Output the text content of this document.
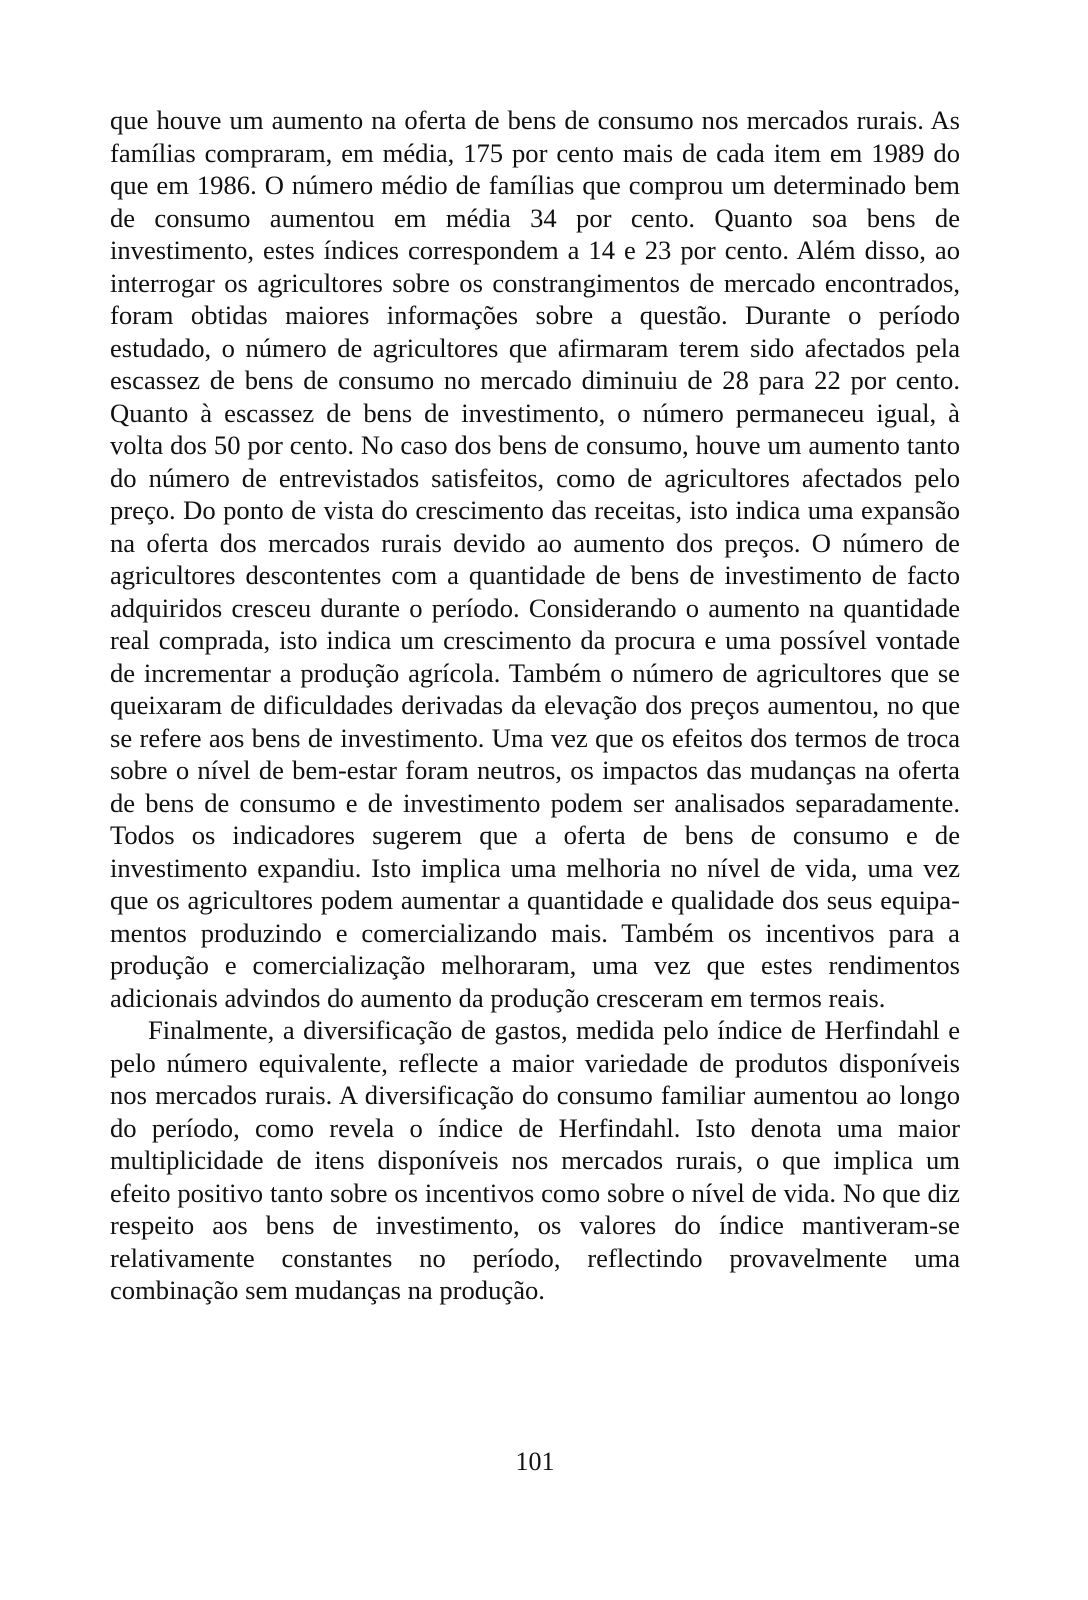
que houve um aumento na oferta de bens de consumo nos mercados rurais. As famílias compraram, em média, 175 por cento mais de cada item em 1989 do que em 1986. O número médio de famílias que comprou um determinado bem de consumo aumentou em média 34 por cento. Quanto soa bens de investimento, estes índices correspondem a 14 e 23 por cento. Além disso, ao interrogar os agricultores sobre os constrangimentos de mercado encontrados, foram obtidas maiores informações sobre a questão. Durante o período estudado, o número de agricultores que afirmaram terem sido afectados pela escassez de bens de consumo no mercado diminuiu de 28 para 22 por cento. Quanto à escassez de bens de investimento, o número permaneceu igual, à volta dos 50 por cento. No caso dos bens de consumo, houve um aumento tanto do número de entrevistados satisfeitos, como de agricultores afectados pelo preço. Do ponto de vista do crescimento das receitas, isto indica uma expansão na oferta dos mercados rurais devido ao aumento dos preços. O número de agricultores descontentes com a quantidade de bens de investimento de facto adquiridos cresceu durante o período. Considerando o aumento na quantidade real comprada, isto indica um crescimento da procura e uma possível vontade de incrementar a produção agrícola. Também o número de agricultores que se queixaram de dificuldades derivadas da elevação dos preços aumentou, no que se refere aos bens de investimento. Uma vez que os efeitos dos termos de troca sobre o nível de bem-estar foram neutros, os impactos das mudanças na oferta de bens de consumo e de investimento podem ser analisados separadamente. Todos os indicadores sugerem que a oferta de bens de consumo e de investimento expandiu. Isto implica uma melhoria no nível de vida, uma vez que os agricultores podem aumentar a quantidade e qualidade dos seus equipamentos produzindo e comercializando mais. Também os incentivos para a produção e comercialização melhoraram, uma vez que estes rendimentos adicionais advindos do aumento da produção cresceram em termos reais.

Finalmente, a diversificação de gastos, medida pelo índice de Herfindahl e pelo número equivalente, reflecte a maior variedade de produtos disponíveis nos mercados rurais. A diversificação do consumo familiar aumentou ao longo do período, como revela o índice de Herfindahl. Isto denota uma maior multiplicidade de itens disponíveis nos mercados rurais, o que implica um efeito positivo tanto sobre os incentivos como sobre o nível de vida. No que diz respeito aos bens de investimento, os valores do índice mantiveram-se relativamente constantes no período, reflectindo provavelmente uma combinação sem mudanças na produção.

101
